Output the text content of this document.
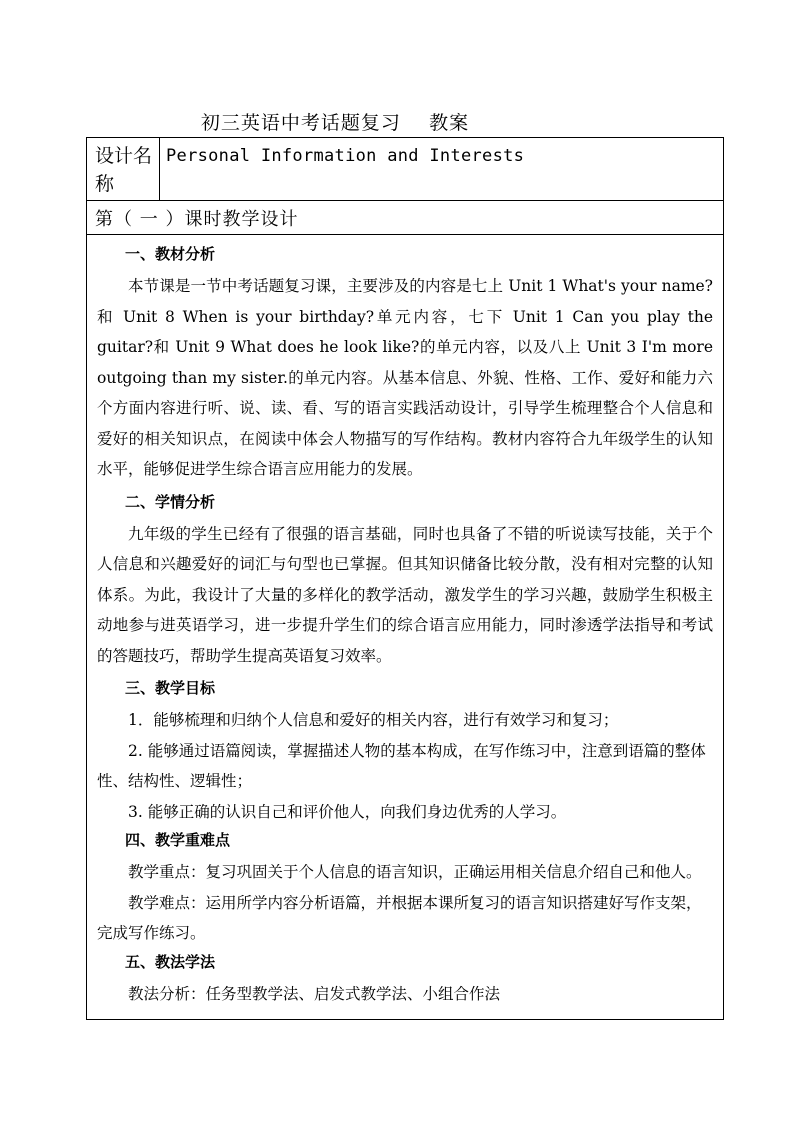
初三英语中考话题复习    教案
设计名称	Personal Information and Interests
第（ 一 ）课时教学设计

一、教材分析

本节课是一节中考话题复习课，主要涉及的内容是七上 Unit 1 What's your name?和 Unit 8 When is your birthday?单元内容，七下 Unit 1 Can you play the guitar?和 Unit 9 What does he look like?的单元内容，以及八上 Unit 3 I'm more outgoing than my sister.的单元内容。从基本信息、外貌、性格、工作、爱好和能力六个方面内容进行听、说、读、看、写的语言实践活动设计，引导学生梳理整合个人信息和爱好的相关知识点，在阅读中体会人物描写的写作结构。教材内容符合九年级学生的认知水平，能够促进学生综合语言应用能力的发展。

二、学情分析

九年级的学生已经有了很强的语言基础，同时也具备了不错的听说读写技能，关于个人信息和兴趣爱好的词汇与句型也已掌握。但其知识储备比较分散，没有相对完整的认知体系。为此，我设计了大量的多样化的教学活动，激发学生的学习兴趣，鼓励学生积极主动地参与进英语学习，进一步提升学生们的综合语言应用能力，同时渗透学法指导和考试的答题技巧，帮助学生提高英语复习效率。

三、教学目标

1．能够梳理和归纳个人信息和爱好的相关内容，进行有效学习和复习；

2. 能够通过语篇阅读，掌握描述人物的基本构成，在写作练习中，注意到语篇的整体性、结构性、逻辑性；

3. 能够正确的认识自己和评价他人，向我们身边优秀的人学习。

四、教学重难点

教学重点：复习巩固关于个人信息的语言知识，正确运用相关信息介绍自己和他人。

教学难点：运用所学内容分析语篇，并根据本课所复习的语言知识搭建好写作支架，完成写作练习。

五、教法学法

教法分析：任务型教学法、启发式教学法、小组合作法
